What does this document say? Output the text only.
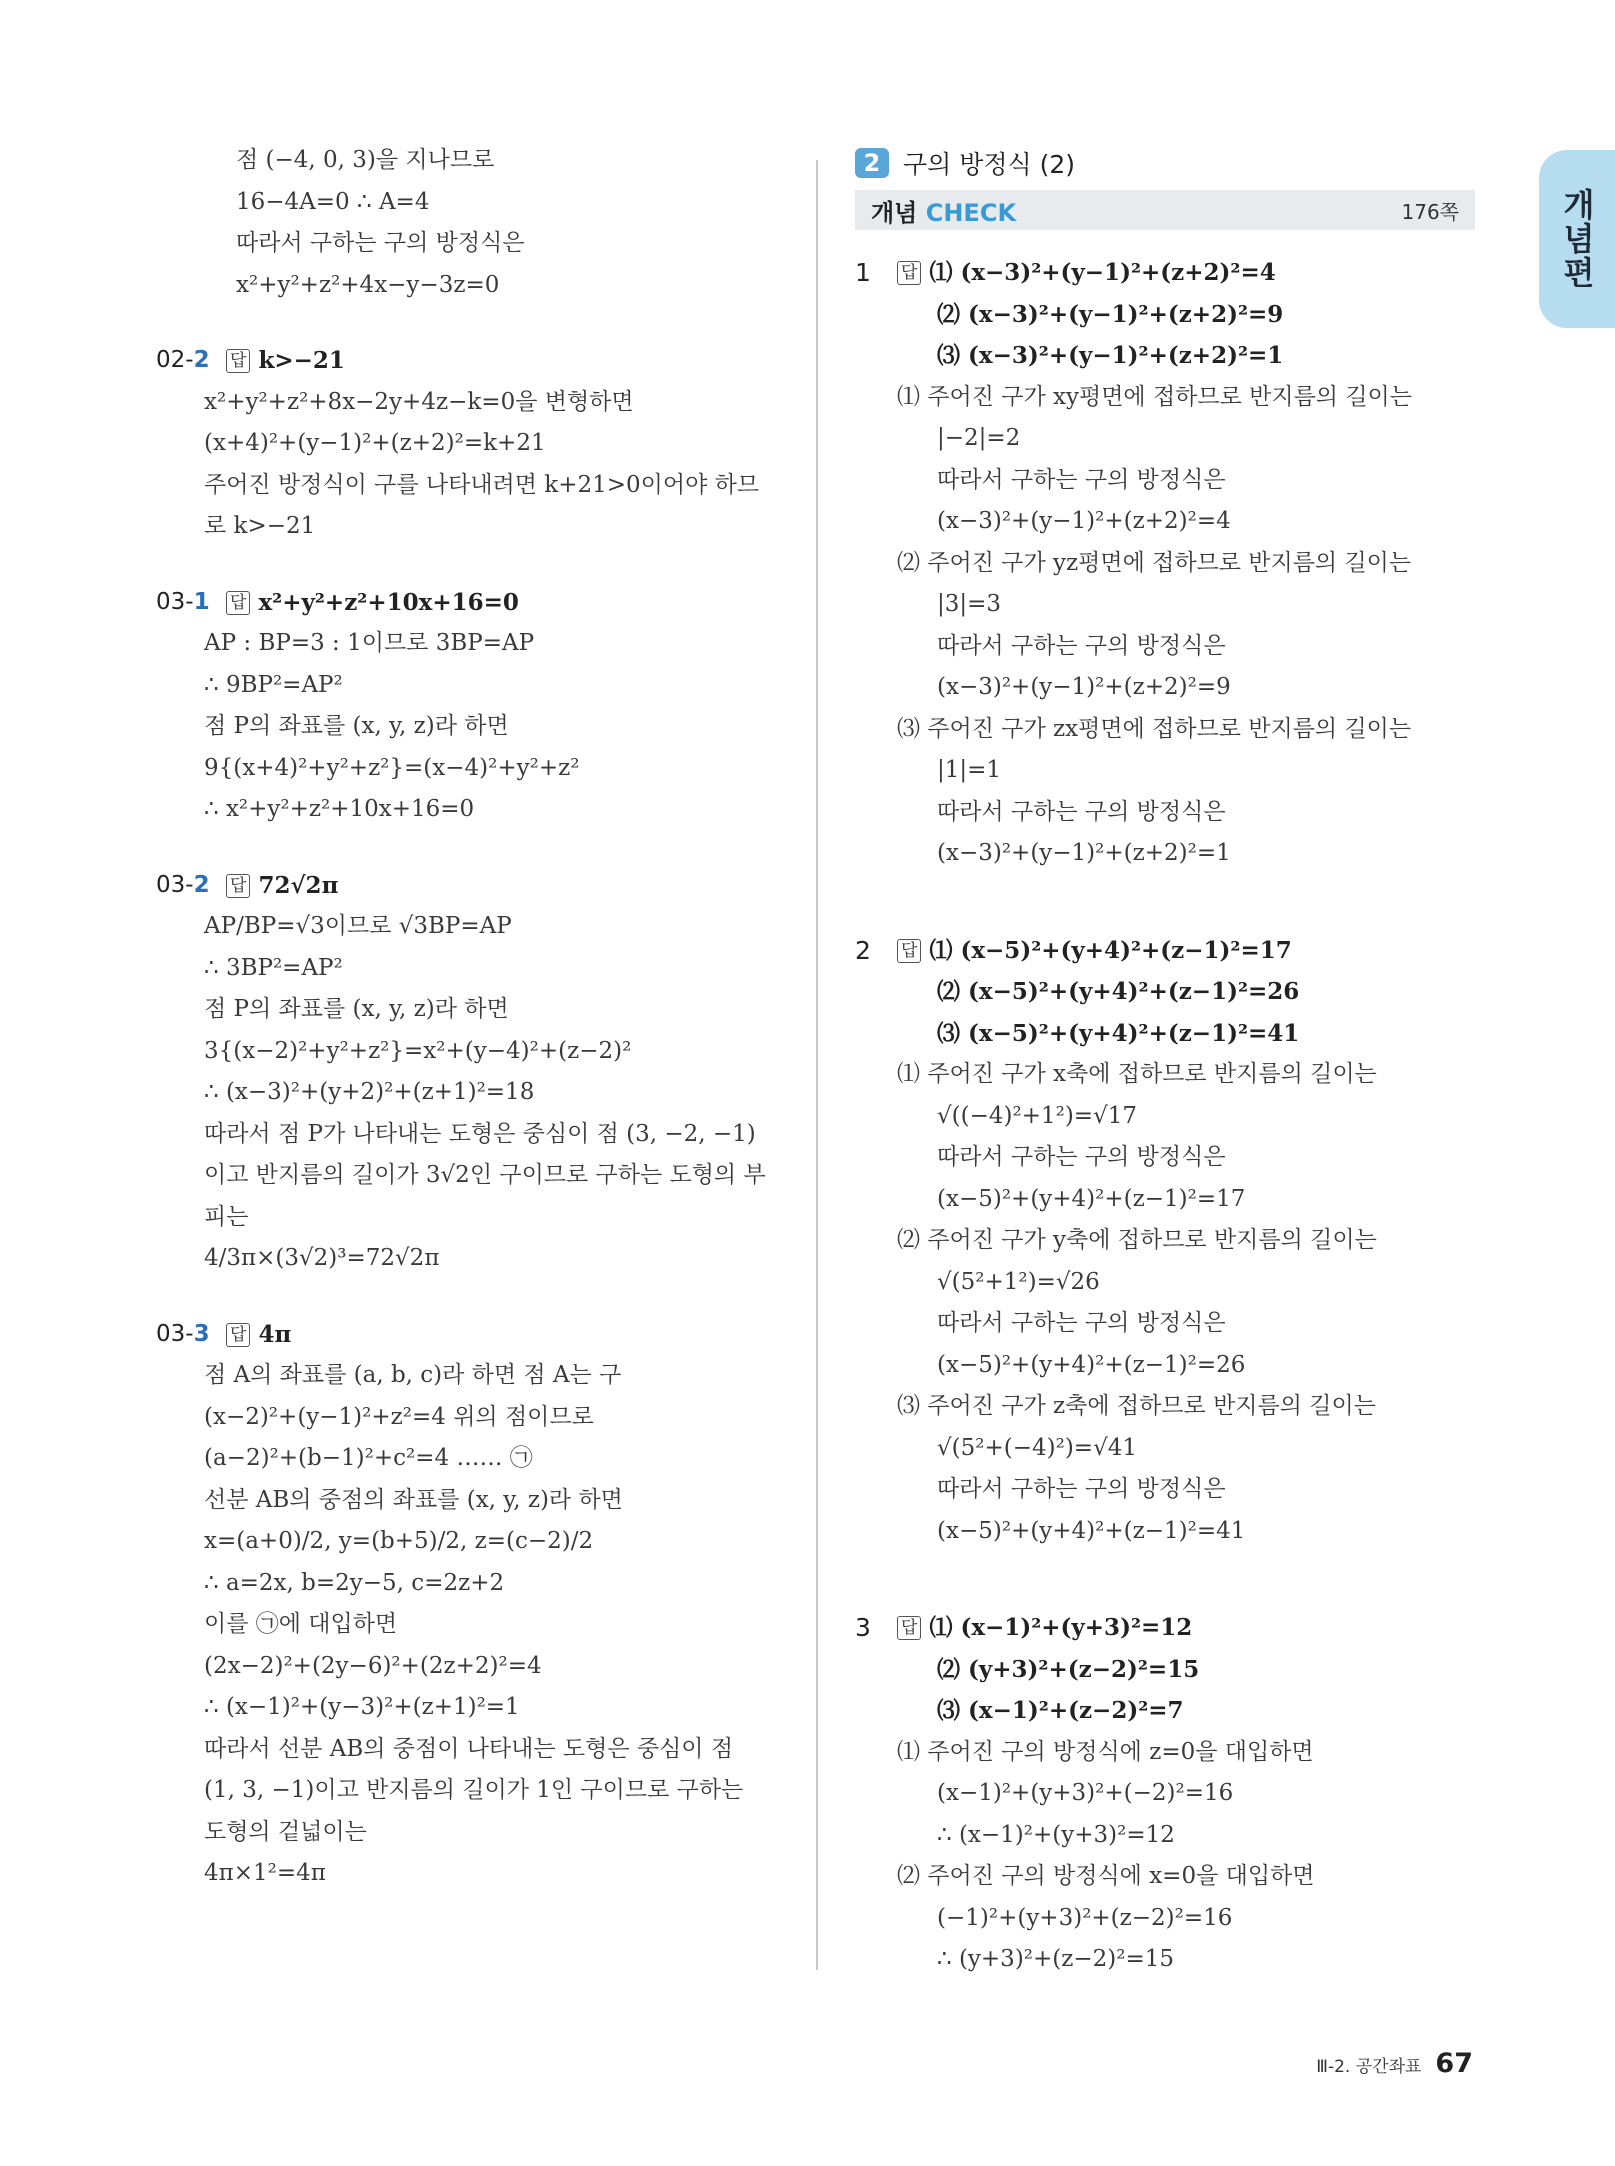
개념편
점 (−4, 0, 3)을 지나므로
16−4A=0 ∴ A=4
따라서 구하는 구의 방정식은
x²+y²+z²+4x−y−3z=0
02-2 답 k>−21
x²+y²+z²+8x−2y+4z−k=0을 변형하면
(x+4)²+(y−1)²+(z+2)²=k+21
주어진 방정식이 구를 나타내려면 k+21>0이어야 하므
로 k>−21
03-1 답 x²+y²+z²+10x+16=0
AP : BP=3 : 1이므로 3BP=AP
∴ 9BP²=AP²
점 P의 좌표를 (x, y, z)라 하면
9{(x+4)²+y²+z²}=(x−4)²+y²+z²
∴ x²+y²+z²+10x+16=0
03-2 답 72√2π
AP/BP=√3이므로 √3BP=AP
∴ 3BP²=AP²
점 P의 좌표를 (x, y, z)라 하면
3{(x−2)²+y²+z²}=x²+(y−4)²+(z−2)²
∴ (x−3)²+(y+2)²+(z+1)²=18
따라서 점 P가 나타내는 도형은 중심이 점 (3, −2, −1)
이고 반지름의 길이가 3√2인 구이므로 구하는 도형의 부
피는
4/3π×(3√2)³=72√2π
03-3 답 4π
점 A의 좌표를 (a, b, c)라 하면 점 A는 구
(x−2)²+(y−1)²+z²=4 위의 점이므로
(a−2)²+(b−1)²+c²=4 …… ㉠
선분 AB의 중점의 좌표를 (x, y, z)라 하면
x=(a+0)/2, y=(b+5)/2, z=(c−2)/2
∴ a=2x, b=2y−5, c=2z+2
이를 ㉠에 대입하면
(2x−2)²+(2y−6)²+(2z+2)²=4
∴ (x−1)²+(y−3)²+(z+1)²=1
따라서 선분 AB의 중점이 나타내는 도형은 중심이 점
(1, 3, −1)이고 반지름의 길이가 1인 구이므로 구하는
도형의 겉넓이는
4π×1²=4π
2 구의 방정식 (2)
개념 CHECK	176쪽
1	답 ⑴ (x−3)²+(y−1)²+(z+2)²=4
⑵ (x−3)²+(y−1)²+(z+2)²=9
⑶ (x−3)²+(y−1)²+(z+2)²=1
⑴ 주어진 구가 xy평면에 접하므로 반지름의 길이는
|−2|=2
따라서 구하는 구의 방정식은
(x−3)²+(y−1)²+(z+2)²=4
⑵ 주어진 구가 yz평면에 접하므로 반지름의 길이는
|3|=3
따라서 구하는 구의 방정식은
(x−3)²+(y−1)²+(z+2)²=9
⑶ 주어진 구가 zx평면에 접하므로 반지름의 길이는
|1|=1
따라서 구하는 구의 방정식은
(x−3)²+(y−1)²+(z+2)²=1
2	답 ⑴ (x−5)²+(y+4)²+(z−1)²=17
⑵ (x−5)²+(y+4)²+(z−1)²=26
⑶ (x−5)²+(y+4)²+(z−1)²=41
⑴ 주어진 구가 x축에 접하므로 반지름의 길이는
√((−4)²+1²)=√17
따라서 구하는 구의 방정식은
(x−5)²+(y+4)²+(z−1)²=17
⑵ 주어진 구가 y축에 접하므로 반지름의 길이는
√(5²+1²)=√26
따라서 구하는 구의 방정식은
(x−5)²+(y+4)²+(z−1)²=26
⑶ 주어진 구가 z축에 접하므로 반지름의 길이는
√(5²+(−4)²)=√41
따라서 구하는 구의 방정식은
(x−5)²+(y+4)²+(z−1)²=41
3	답 ⑴ (x−1)²+(y+3)²=12
⑵ (y+3)²+(z−2)²=15
⑶ (x−1)²+(z−2)²=7
⑴ 주어진 구의 방정식에 z=0을 대입하면
(x−1)²+(y+3)²+(−2)²=16
∴ (x−1)²+(y+3)²=12
⑵ 주어진 구의 방정식에 x=0을 대입하면
(−1)²+(y+3)²+(z−2)²=16
∴ (y+3)²+(z−2)²=15
Ⅲ-2. 공간좌표 67
